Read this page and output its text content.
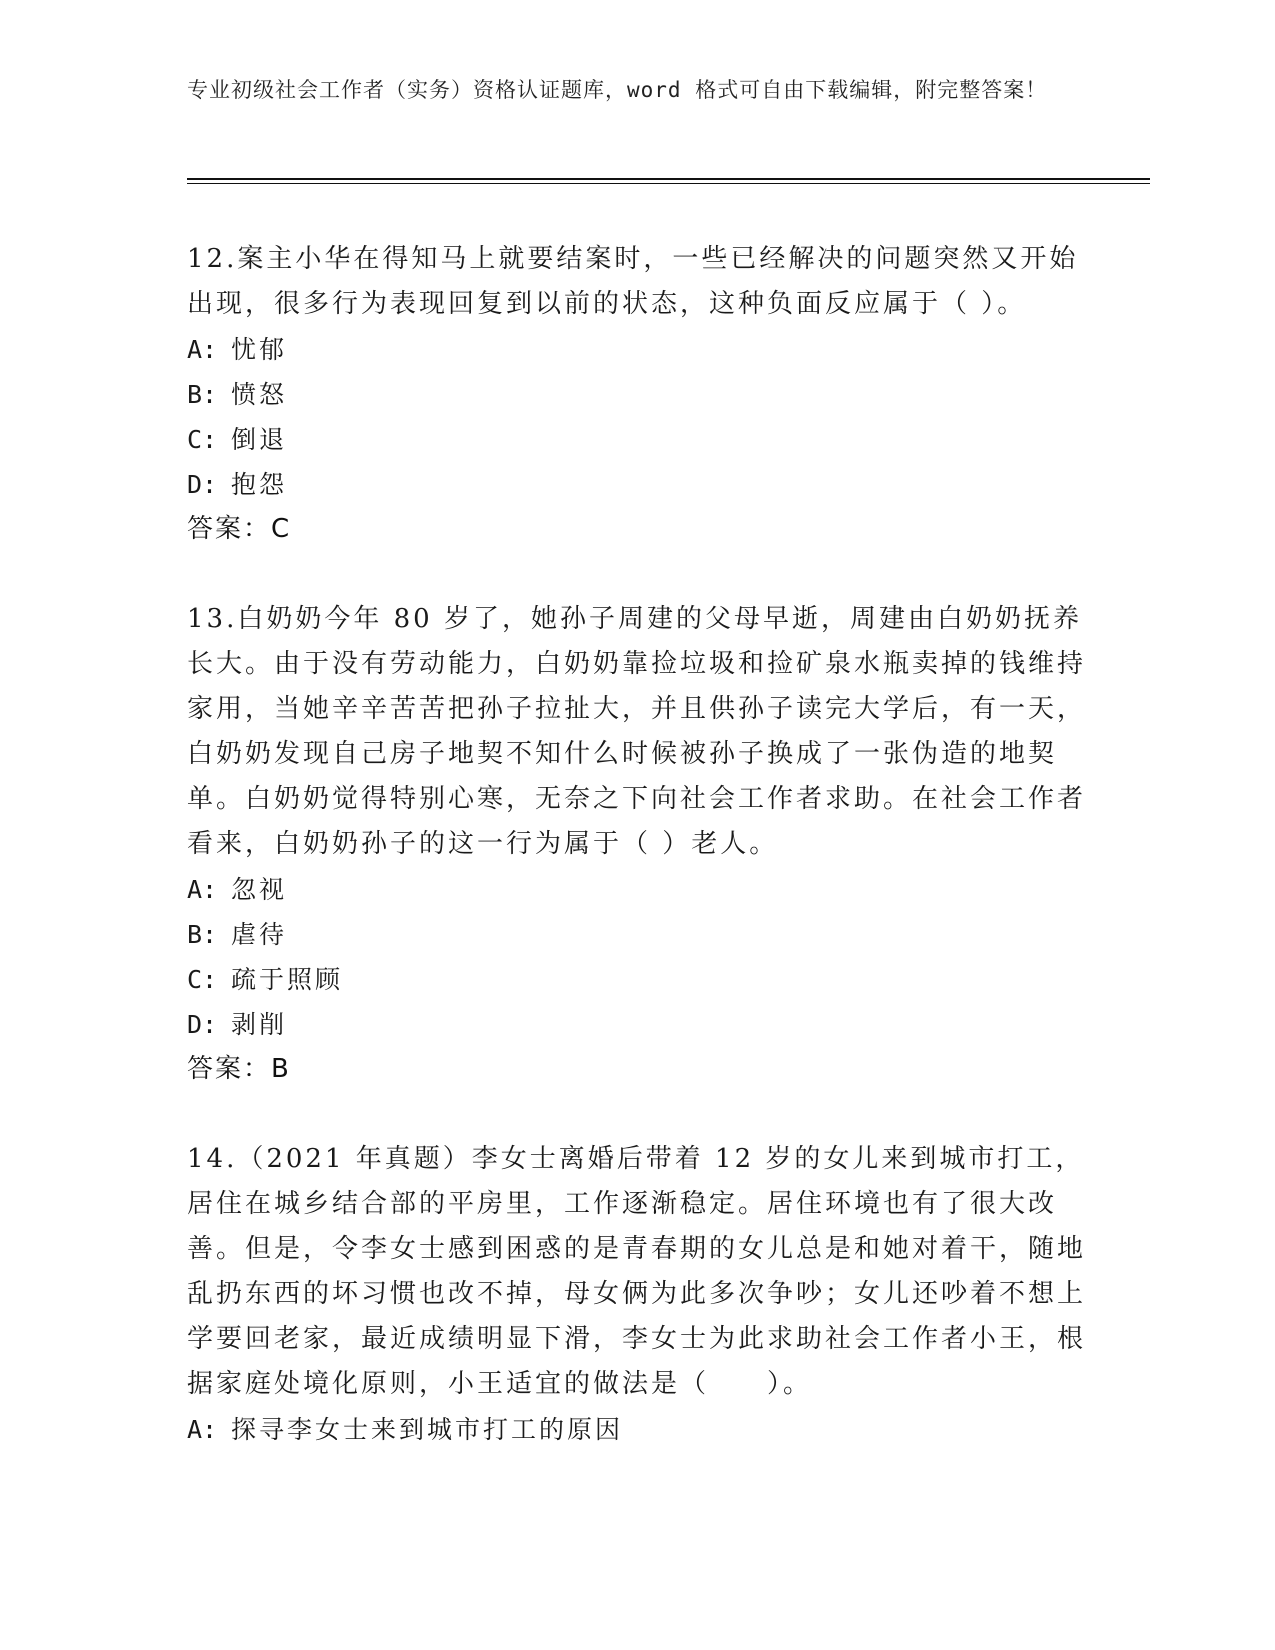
专业初级社会工作者（实务）资格认证题库，word 格式可自由下载编辑，附完整答案！

12.案主小华在得知马上就要结案时，一些已经解决的问题突然又开始出现，很多行为表现回复到以前的状态，这种负面反应属于（ ）。

A: 忧郁
B: 愤怒
C: 倒退
D: 抱怨
答案：C

13.白奶奶今年 80 岁了，她孙子周建的父母早逝，周建由白奶奶抚养长大。由于没有劳动能力，白奶奶靠捡垃圾和捡矿泉水瓶卖掉的钱维持家用，当她辛辛苦苦把孙子拉扯大，并且供孙子读完大学后，有一天，白奶奶发现自己房子地契不知什么时候被孙子换成了一张伪造的地契单。白奶奶觉得特别心寒，无奈之下向社会工作者求助。在社会工作者看来，白奶奶孙子的这一行为属于（ ）老人。

A: 忽视
B: 虐待
C: 疏于照顾
D: 剥削
答案：B

14.（2021 年真题）李女士离婚后带着 12 岁的女儿来到城市打工，居住在城乡结合部的平房里，工作逐渐稳定。居住环境也有了很大改善。但是，令李女士感到困惑的是青春期的女儿总是和她对着干，随地乱扔东西的坏习惯也改不掉，母女俩为此多次争吵；女儿还吵着不想上学要回老家，最近成绩明显下滑，李女士为此求助社会工作者小王，根据家庭处境化原则，小王适宜的做法是（　　）。

A: 探寻李女士来到城市打工的原因
